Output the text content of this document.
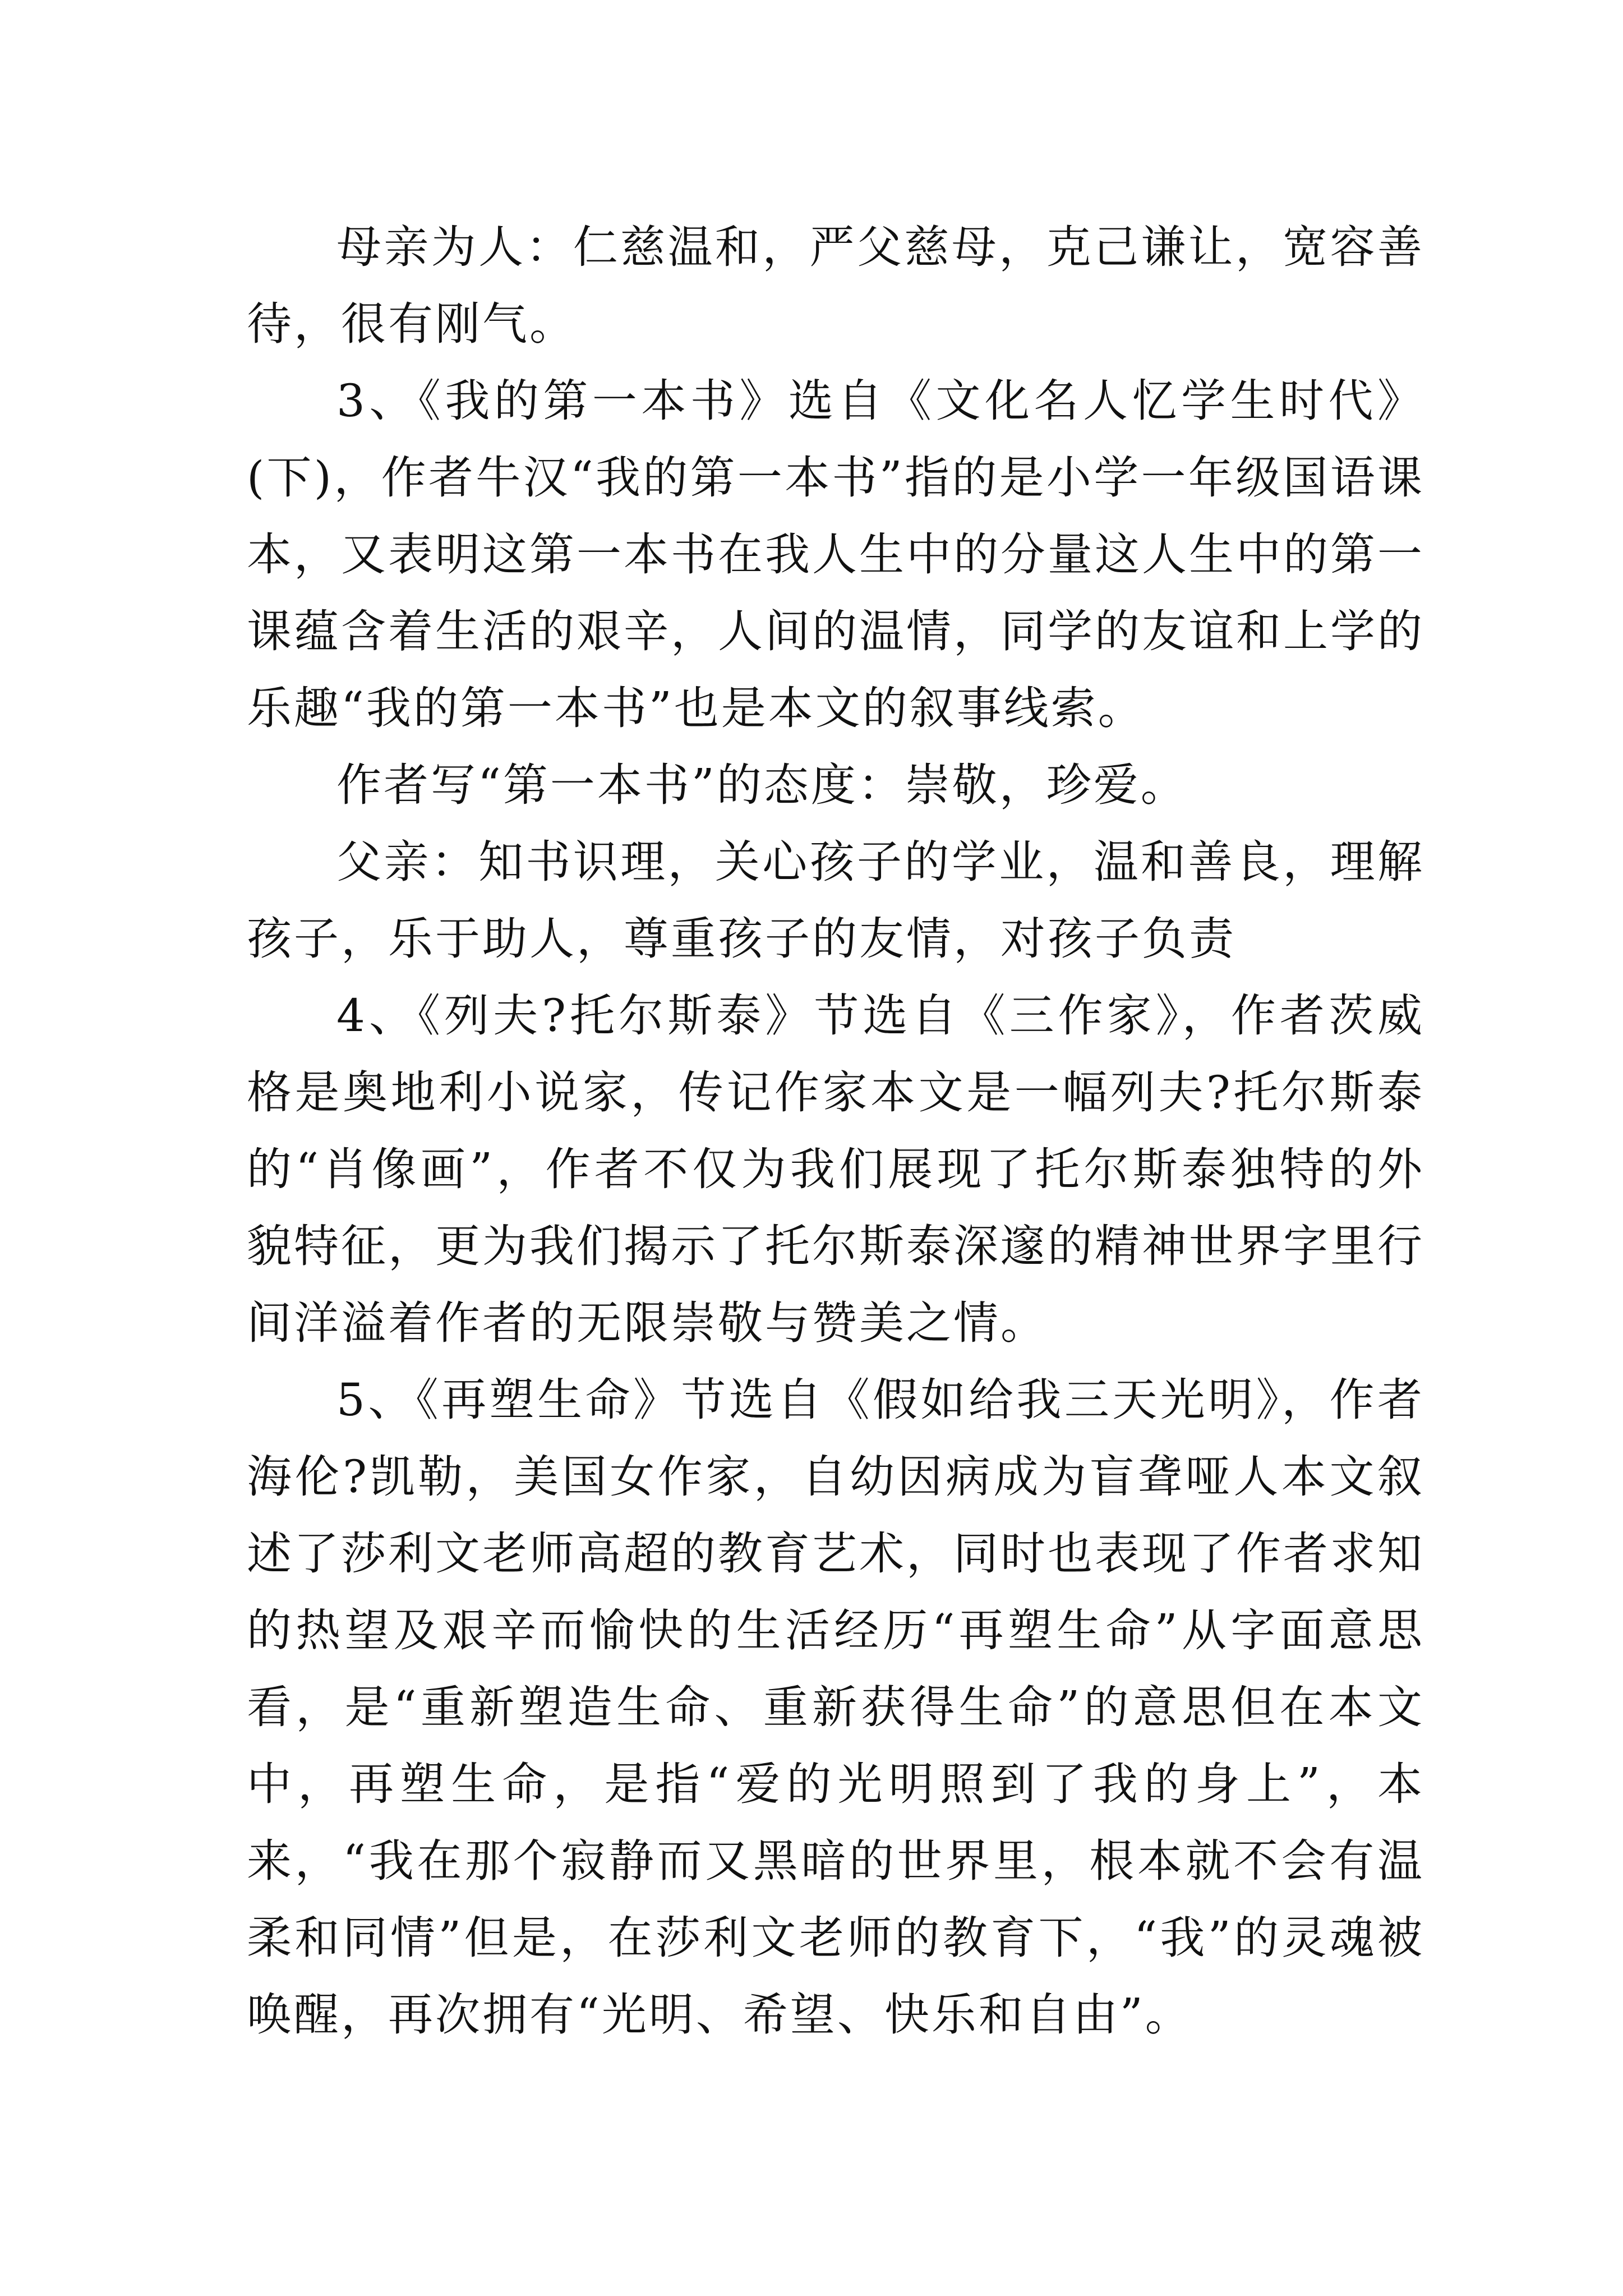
母亲为人：仁慈温和，严父慈母，克己谦让，宽容善待，很有刚气。

3、《我的第一本书》选自《文化名人忆学生时代》(下)，作者牛汉“我的第一本书”指的是小学一年级国语课本，又表明这第一本书在我人生中的分量这人生中的第一课蕴含着生活的艰辛，人间的温情，同学的友谊和上学的乐趣“我的第一本书”也是本文的叙事线索。

作者写“第一本书”的态度：崇敬，珍爱。

父亲：知书识理，关心孩子的学业，温和善良，理解孩子，乐于助人，尊重孩子的友情，对孩子负责

4、《列夫?托尔斯泰》节选自《三作家》，作者茨威格是奥地利小说家，传记作家本文是一幅列夫?托尔斯泰的“肖像画”，作者不仅为我们展现了托尔斯泰独特的外貌特征，更为我们揭示了托尔斯泰深邃的精神世界字里行间洋溢着作者的无限崇敬与赞美之情。

5、《再塑生命》节选自《假如给我三天光明》，作者海伦?凯勒，美国女作家，自幼因病成为盲聋哑人本文叙述了莎利文老师高超的教育艺术，同时也表现了作者求知的热望及艰辛而愉快的生活经历“再塑生命”从字面意思看，是“重新塑造生命、重新获得生命”的意思但在本文中，再塑生命，是指“爱的光明照到了我的身上”，本来，“我在那个寂静而又黑暗的世界里，根本就不会有温柔和同情”但是，在莎利文老师的教育下，“我”的灵魂被唤醒，再次拥有“光明、希望、快乐和自由”。
